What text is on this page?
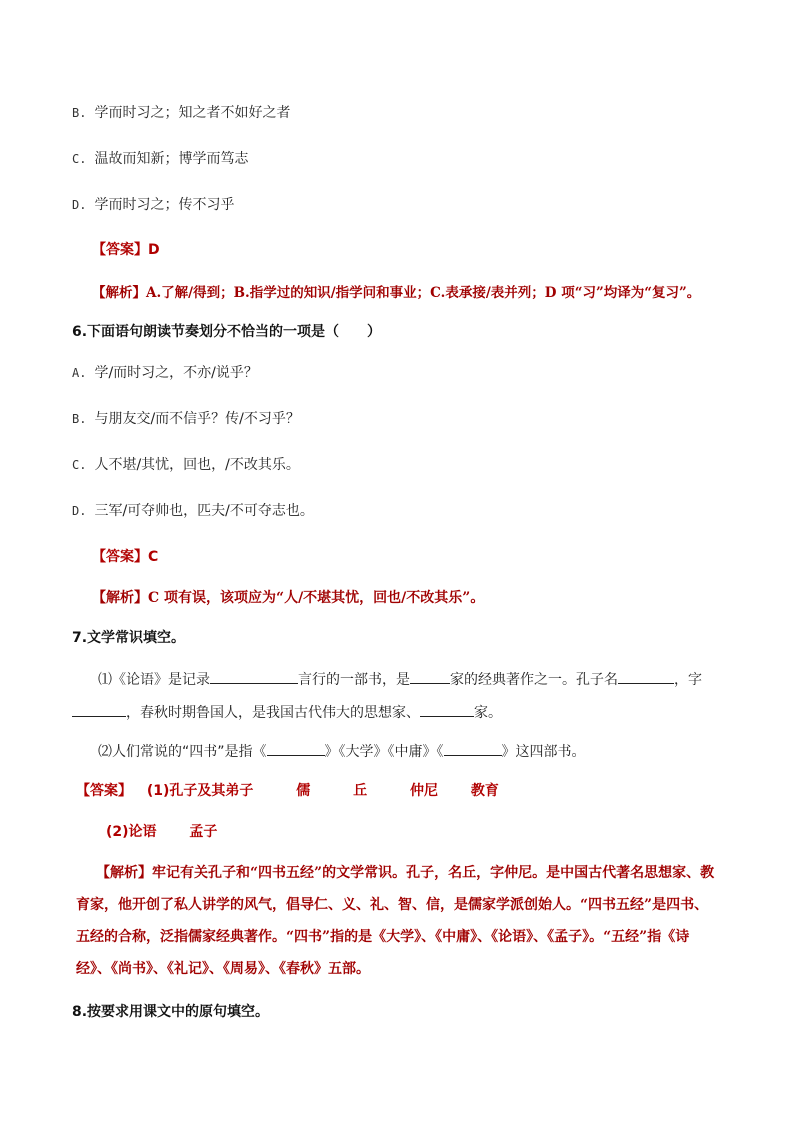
B. 学而时习之；知之者不如好之者
C. 温故而知新；博学而笃志
D. 学而时习之；传不习乎
【答案】D
【解析】A.了解/得到；B.指学过的知识/指学问和事业；C.表承接/表并列；D 项“习”均译为“复习”。
6.下面语句朗读节奏划分不恰当的一项是（　　）
A. 学/而时习之，不亦/说乎？
B. 与朋友交/而不信乎？传/不习乎？
C. 人不堪/其忧，回也，/不改其乐。
D. 三军/可夺帅也，匹夫/不可夺志也。
【答案】C
【解析】C 项有误，该项应为“人/不堪其忧，回也/不改其乐”。
7.文学常识填空。
⑴《论语》是记录	言行的一部书，是	家的经典著作之一。孔子名	，字
，春秋时期鲁国人，是我国古代伟大的思想家、	家。
⑵人们常说的“四书”是指《	》《大学》《中庸》《	》这四部书。
【答案】 (1)孔子及其弟子	儒	丘	仲尼 教育
(2)论语 孟子
【解析】牢记有关孔子和“四书五经”的文学常识。孔子，名丘，字仲尼。是中国古代著名思想家、教育家，他开创了私人讲学的风气，倡导仁、义、礼、智、信，是儒家学派创始人。“四书五经”是四书、五经的合称，泛指儒家经典著作。“四书”指的是《大学》、《中庸》、《论语》、《孟子》。“五经”指《诗经》、《尚书》、《礼记》、《周易》、《春秋》五部。
8.按要求用课文中的原句填空。
